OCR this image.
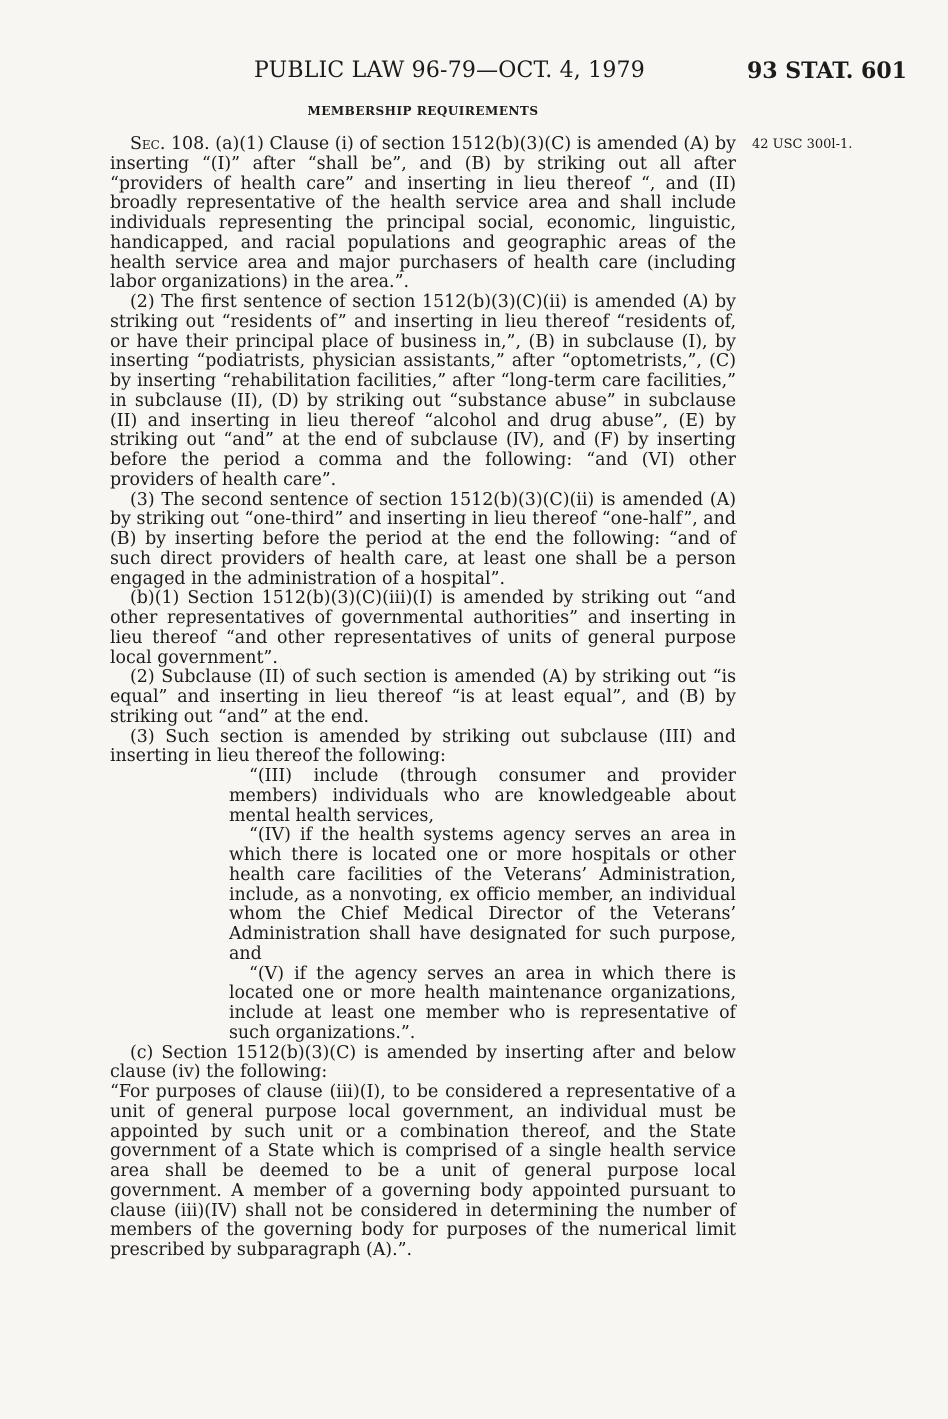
PUBLIC LAW 96-79—OCT. 4, 1979	93 STAT. 601
MEMBERSHIP REQUIREMENTS
42 USC 300l-1.

Sec. 108. (a)(1) Clause (i) of section 1512(b)(3)(C) is amended (A) by inserting “(I)” after “shall be”, and (B) by striking out all after “providers of health care” and inserting in lieu thereof “, and (II) broadly representative of the health service area and shall include individuals representing the principal social, economic, linguistic, handicapped, and racial populations and geographic areas of the health service area and major purchasers of health care (including labor organizations) in the area.”.

(2) The first sentence of section 1512(b)(3)(C)(ii) is amended (A) by striking out “residents of” and inserting in lieu thereof “residents of, or have their principal place of business in,”, (B) in subclause (I), by inserting “podiatrists, physician assistants,” after “optometrists,”, (C) by inserting “rehabilitation facilities,” after “long-term care facilities,” in subclause (II), (D) by striking out “substance abuse” in subclause (II) and inserting in lieu thereof “alcohol and drug abuse”, (E) by striking out “and” at the end of subclause (IV), and (F) by inserting before the period a comma and the following: “and (VI) other providers of health care”.

(3) The second sentence of section 1512(b)(3)(C)(ii) is amended (A) by striking out “one-third” and inserting in lieu thereof “one-half”, and (B) by inserting before the period at the end the following: “and of such direct providers of health care, at least one shall be a person engaged in the administration of a hospital”.

(b)(1) Section 1512(b)(3)(C)(iii)(I) is amended by striking out “and other representatives of governmental authorities” and inserting in lieu thereof “and other representatives of units of general purpose local government”.

(2) Subclause (II) of such section is amended (A) by striking out “is equal” and inserting in lieu thereof “is at least equal”, and (B) by striking out “and” at the end.

(3) Such section is amended by striking out subclause (III) and inserting in lieu thereof the following:

“(III) include (through consumer and provider members) individuals who are knowledgeable about mental health services,

“(IV) if the health systems agency serves an area in which there is located one or more hospitals or other health care facilities of the Veterans’ Administration, include, as a nonvoting, ex officio member, an individual whom the Chief Medical Director of the Veterans’ Administration shall have designated for such purpose, and

“(V) if the agency serves an area in which there is located one or more health maintenance organizations, include at least one member who is representative of such organizations.”.

(c) Section 1512(b)(3)(C) is amended by inserting after and below clause (iv) the following:

“For purposes of clause (iii)(I), to be considered a representative of a unit of general purpose local government, an individual must be appointed by such unit or a combination thereof, and the State government of a State which is comprised of a single health service area shall be deemed to be a unit of general purpose local government. A member of a governing body appointed pursuant to clause (iii)(IV) shall not be considered in determining the number of members of the governing body for purposes of the numerical limit prescribed by subparagraph (A).”.
